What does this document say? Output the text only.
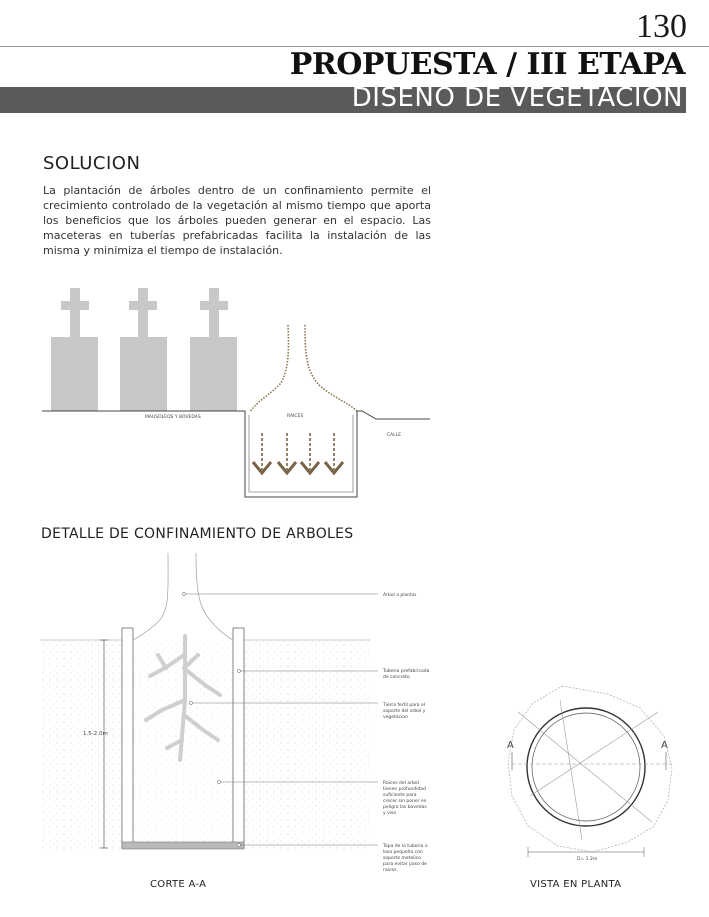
130
PROPUESTA / III ETAPA
DISEÑO DE VEGETACIÓN
SOLUCION
La plantación de árboles dentro de un confinamiento permite el crecimiento controlado de la vegetación al mismo tiempo que aporta los beneficios que los árboles pueden generar en el espacio. Las maceteras en tuberías prefabricadas facilita la instalación de las misma y minimiza el tiempo de instalación.
DETALLE DE CONFINAMIENTO DE ARBOLES
CORTE A-A	VISTA EN PLANTA
MAUSOLEOS Y BOVEDAS	RAICES
CALLE
1.5-2.0m
Arbol a plantar
Tuberia prefabricada de concreto
Tierra fertil para el soporte del arbol y vegetacion
Raices del arbol tienen profundidad suficiente para crecer sin poner en peligro las bovedas y viso
Tapa de la tuberia o losa pequeña con soporte metalico para evitar paso de raices.
A	A
D= 1.2m
